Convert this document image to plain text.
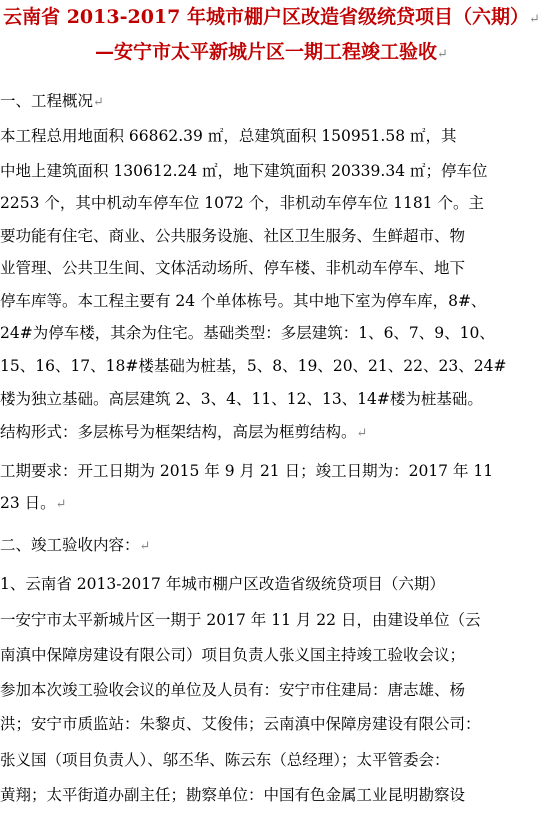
云南省 2013-2017 年城市棚户区改造省级统贷项目（六期）↵
—安宁市太平新城片区一期工程竣工验收↵
一、工程概况↵
本工程总用地面积 66862.39 ㎡，总建筑面积 150951.58 ㎡，其
中地上建筑面积 130612.24 ㎡，地下建筑面积 20339.34 ㎡；停车位
2253 个，其中机动车停车位 1072 个，非机动车停车位 1181 个。主
要功能有住宅、商业、公共服务设施、社区卫生服务、生鲜超市、物
业管理、公共卫生间、文体活动场所、停车楼、非机动车停车、地下
停车库等。本工程主要有 24 个单体栋号。其中地下室为停车库，8#、
24#为停车楼，其余为住宅。基础类型：多层建筑：1、6、7、9、10、
15、16、17、18#楼基础为桩基，5、8、19、20、21、22、23、24#
楼为独立基础。高层建筑 2、3、4、11、12、13、14#楼为桩基础。
结构形式：多层栋号为框架结构，高层为框剪结构。↵
工期要求：开工日期为 2015 年 9 月 21 日；竣工日期为：2017 年 11
23 日。↵
二、竣工验收内容：↵
1、云南省 2013-2017 年城市棚户区改造省级统贷项目（六期）
一安宁市太平新城片区一期于 2017 年 11 月 22 日，由建设单位（云
南滇中保障房建设有限公司）项目负责人张义国主持竣工验收会议；
参加本次竣工验收会议的单位及人员有：安宁市住建局：唐志雄、杨
洪；安宁市质监站：朱黎贞、艾俊伟；云南滇中保障房建设有限公司：
张义国（项目负责人）、邬丕华、陈云东（总经理）；太平管委会：
黄翔；太平街道办副主任；勘察单位：中国有色金属工业昆明勘察设
